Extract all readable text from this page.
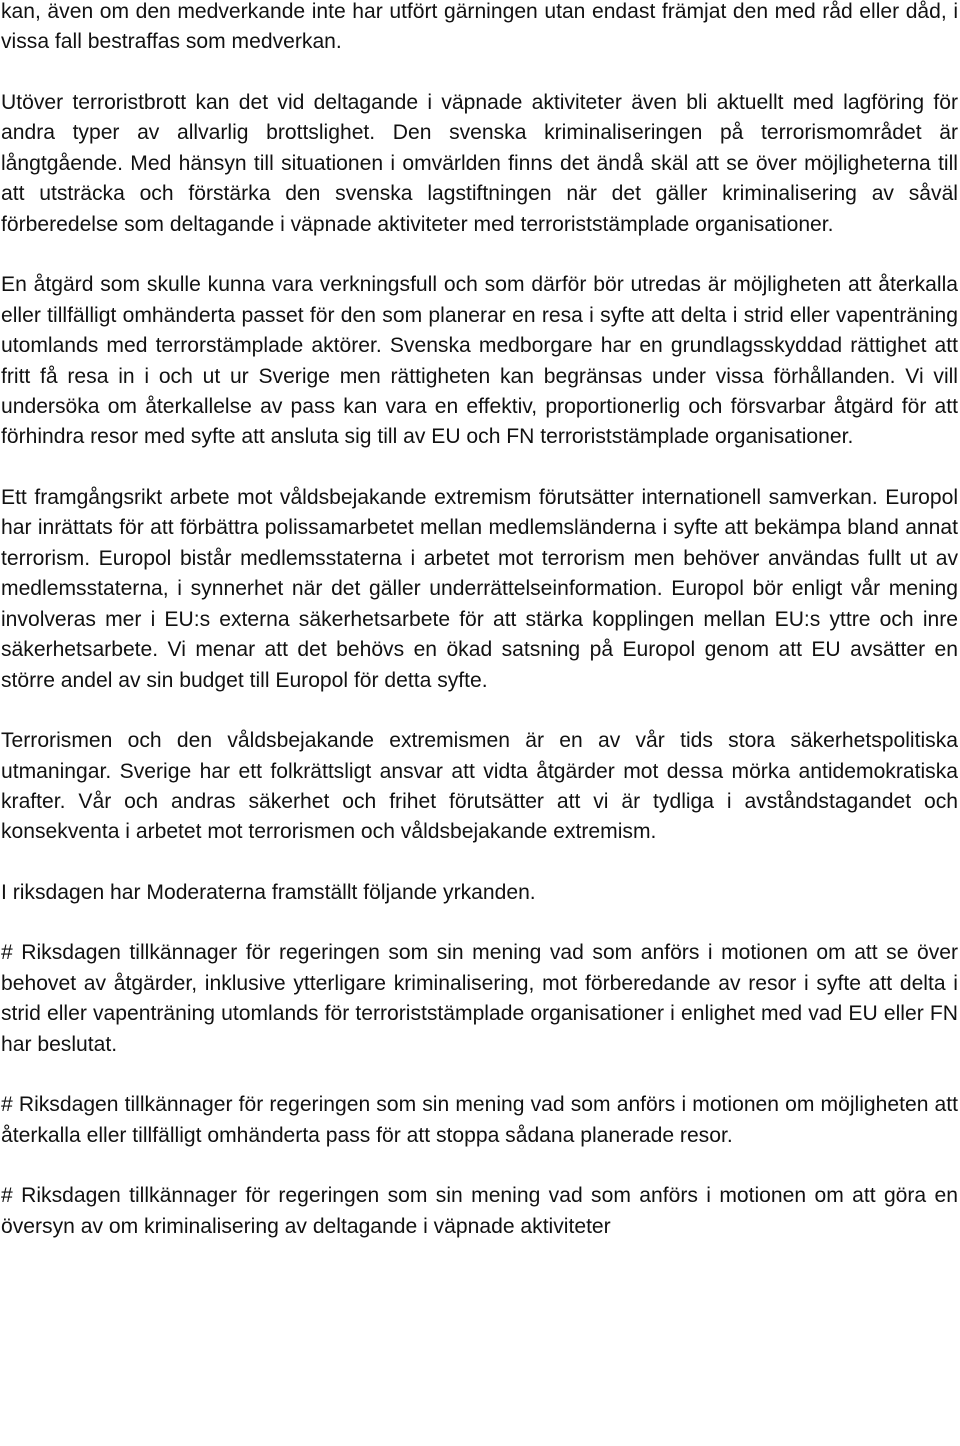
kan, även om den medverkande inte har utfört gärningen utan endast främjat den med råd eller dåd, i vissa fall bestraffas som medverkan.

Utöver terroristbrott kan det vid deltagande i väpnade aktiviteter även bli aktuellt med lagföring för andra typer av allvarlig brottslighet. Den svenska kriminaliseringen på terrorismområdet är långtgående. Med hänsyn till situationen i omvärlden finns det ändå skäl att se över möjligheterna till att utsträcka och förstärka den svenska lagstiftningen när det gäller kriminalisering av såväl förberedelse som deltagande i väpnade aktiviteter med terroriststämplade organisationer.

En åtgärd som skulle kunna vara verkningsfull och som därför bör utredas är möjligheten att återkalla eller tillfälligt omhänderta passet för den som planerar en resa i syfte att delta i strid eller vapenträning utomlands med terrorstämplade aktörer. Svenska medborgare har en grundlagsskyddad rättighet att fritt få resa in i och ut ur Sverige men rättigheten kan begränsas under vissa förhållanden. Vi vill undersöka om återkallelse av pass kan vara en effektiv, proportionerlig och försvarbar åtgärd för att förhindra resor med syfte att ansluta sig till av EU och FN terroriststämplade organisationer.

Ett framgångsrikt arbete mot våldsbejakande extremism förutsätter internationell samverkan. Europol har inrättats för att förbättra polissamarbetet mellan medlemsländerna i syfte att bekämpa bland annat terrorism. Europol bistår medlemsstaterna i arbetet mot terrorism men behöver användas fullt ut av medlemsstaterna, i synnerhet när det gäller underrättelseinformation. Europol bör enligt vår mening involveras mer i EU:s externa säkerhetsarbete för att stärka kopplingen mellan EU:s yttre och inre säkerhetsarbete. Vi menar att det behövs en ökad satsning på Europol genom att EU avsätter en större andel av sin budget till Europol för detta syfte.

Terrorismen och den våldsbejakande extremismen är en av vår tids stora säkerhetspolitiska utmaningar. Sverige har ett folkrättsligt ansvar att vidta åtgärder mot dessa mörka antidemokratiska krafter. Vår och andras säkerhet och frihet förutsätter att vi är tydliga i avståndstagandet och konsekventa i arbetet mot terrorismen och våldsbejakande extremism.

I riksdagen har Moderaterna framställt följande yrkanden.

# Riksdagen tillkännager för regeringen som sin mening vad som anförs i motionen om att se över behovet av åtgärder, inklusive ytterligare kriminalisering, mot förberedande av resor i syfte att delta i strid eller vapenträning utomlands för terroriststämplade organisationer i enlighet med vad EU eller FN har beslutat.

# Riksdagen tillkännager för regeringen som sin mening vad som anförs i motionen om möjligheten att återkalla eller tillfälligt omhänderta pass för att stoppa sådana planerade resor.

# Riksdagen tillkännager för regeringen som sin mening vad som anförs i motionen om att göra en översyn av om kriminalisering av deltagande i väpnade aktiviteter
